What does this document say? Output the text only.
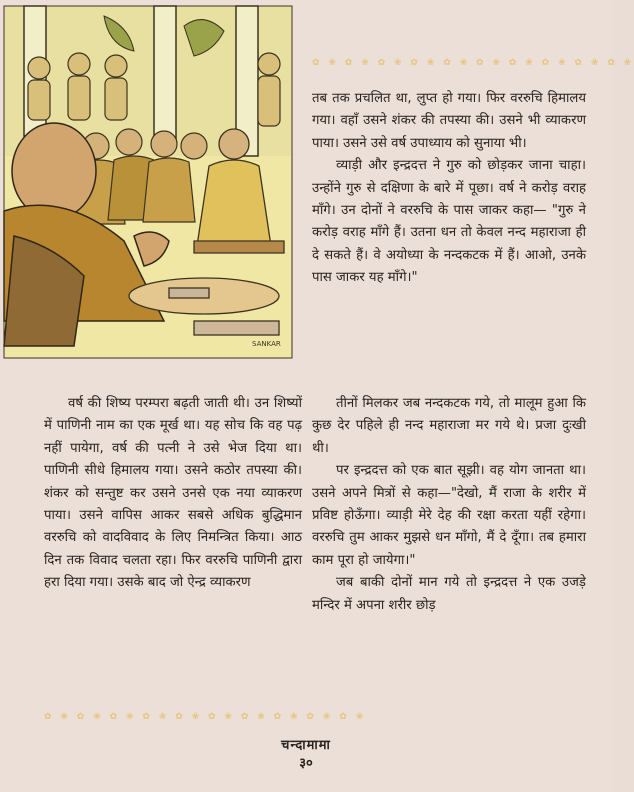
SANKAR
✿ ❀ ✿ ❀ ✿ ❀ ✿ ❀ ✿ ❀ ✿ ❀ ✿ ❀ ✿ ❀ ✿ ❀ ✿ ❀

तब तक प्रचलित था, लुप्त हो गया। फिर वररुचि हिमालय गया। वहाँ उसने शंकर की तपस्या की। उसने भी व्याकरण पाया। उसने उसे वर्ष उपाध्याय को सुनाया भी।

व्याड़ी और इन्द्रदत्त ने गुरु को छोड़कर जाना चाहा। उन्होंने गुरु से दक्षिणा के बारे में पूछा। वर्ष ने करोड़ वराह माँगे। उन दोनों ने वररुचि के पास जाकर कहा— "गुरु ने करोड़ वराह माँगे हैं। उतना धन तो केवल नन्द महाराजा ही दे सकते हैं। वे अयोध्या के नन्दकटक में हैं। आओ, उनके पास जाकर यह माँगे।"

वर्ष की शिष्य परम्परा बढ़ती जाती थी। उन शिष्यों में पाणिनी नाम का एक मूर्ख था। यह सोच कि वह पढ़ नहीं पायेगा, वर्ष की पत्नी ने उसे भेज दिया था। पाणिनी सीधे हिमालय गया। उसने कठोर तपस्या की। शंकर को सन्तुष्ट कर उसने उनसे एक नया व्याकरण पाया। उसने वापिस आकर सबसे अधिक बुद्धिमान वररुचि को वादविवाद के लिए निमन्त्रित किया। आठ दिन तक विवाद चलता रहा। फिर वररुचि पाणिनी द्वारा हरा दिया गया। उसके बाद जो ऐन्द्र व्याकरण

तीनों मिलकर जब नन्दकटक गये, तो मालूम हुआ कि कुछ देर पहिले ही नन्द महाराजा मर गये थे। प्रजा दुःखी थी।

पर इन्द्रदत्त को एक बात सूझी। वह योग जानता था। उसने अपने मित्रों से कहा—"देखो, मैं राजा के शरीर में प्रविष्ट होऊँगा। व्याड़ी मेरे देह की रक्षा करता यहीं रहेगा। वररुचि तुम आकर मुझसे धन माँगो, मैं दे दूँगा। तब हमारा काम पूरा हो जायेगा।"

जब बाकी दोनों मान गये तो इन्द्रदत्त ने एक उजड़े मन्दिर में अपना शरीर छोड़

✿ ❀ ✿ ❀ ✿ ❀ ✿ ❀ ✿ ❀ ✿ ❀ ✿ ❀ ✿ ❀ ✿ ❀ ✿ ❀
चन्दामामा
३०
